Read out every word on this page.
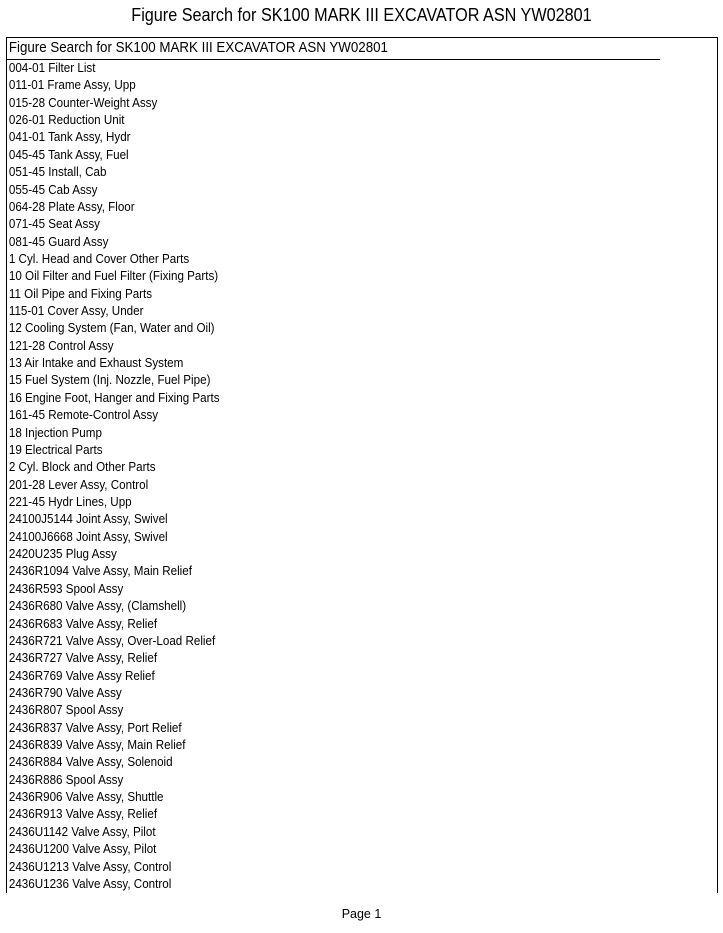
Figure Search for SK100 MARK III EXCAVATOR ASN YW02801
Figure Search for SK100 MARK III EXCAVATOR ASN YW02801
004-01 Filter List
011-01 Frame Assy, Upp
015-28 Counter-Weight Assy
026-01 Reduction Unit
041-01 Tank Assy, Hydr
045-45 Tank Assy, Fuel
051-45 Install, Cab
055-45 Cab Assy
064-28 Plate Assy, Floor
071-45 Seat Assy
081-45 Guard Assy
1 Cyl. Head and Cover Other Parts
10 Oil Filter and Fuel Filter (Fixing Parts)
11 Oil Pipe and Fixing Parts
115-01 Cover Assy, Under
12 Cooling System (Fan, Water and Oil)
121-28 Control Assy
13 Air Intake and Exhaust System
15 Fuel System (Inj. Nozzle, Fuel Pipe)
16 Engine Foot, Hanger and Fixing Parts
161-45 Remote-Control Assy
18 Injection Pump
19 Electrical Parts
2 Cyl. Block and Other Parts
201-28 Lever Assy, Control
221-45 Hydr Lines, Upp
24100J5144 Joint Assy, Swivel
24100J6668 Joint Assy, Swivel
2420U235 Plug Assy
2436R1094 Valve Assy, Main Relief
2436R593 Spool Assy
2436R680 Valve Assy, (Clamshell)
2436R683 Valve Assy, Relief
2436R721 Valve Assy, Over-Load Relief
2436R727 Valve Assy, Relief
2436R769 Valve Assy Relief
2436R790 Valve Assy
2436R807 Spool Assy
2436R837 Valve Assy, Port Relief
2436R839 Valve Assy, Main Relief
2436R884 Valve Assy, Solenoid
2436R886 Spool Assy
2436R906 Valve Assy, Shuttle
2436R913 Valve Assy, Relief
2436U1142 Valve Assy, Pilot
2436U1200 Valve Assy, Pilot
2436U1213 Valve Assy, Control
2436U1236 Valve Assy, Control
Page 1
